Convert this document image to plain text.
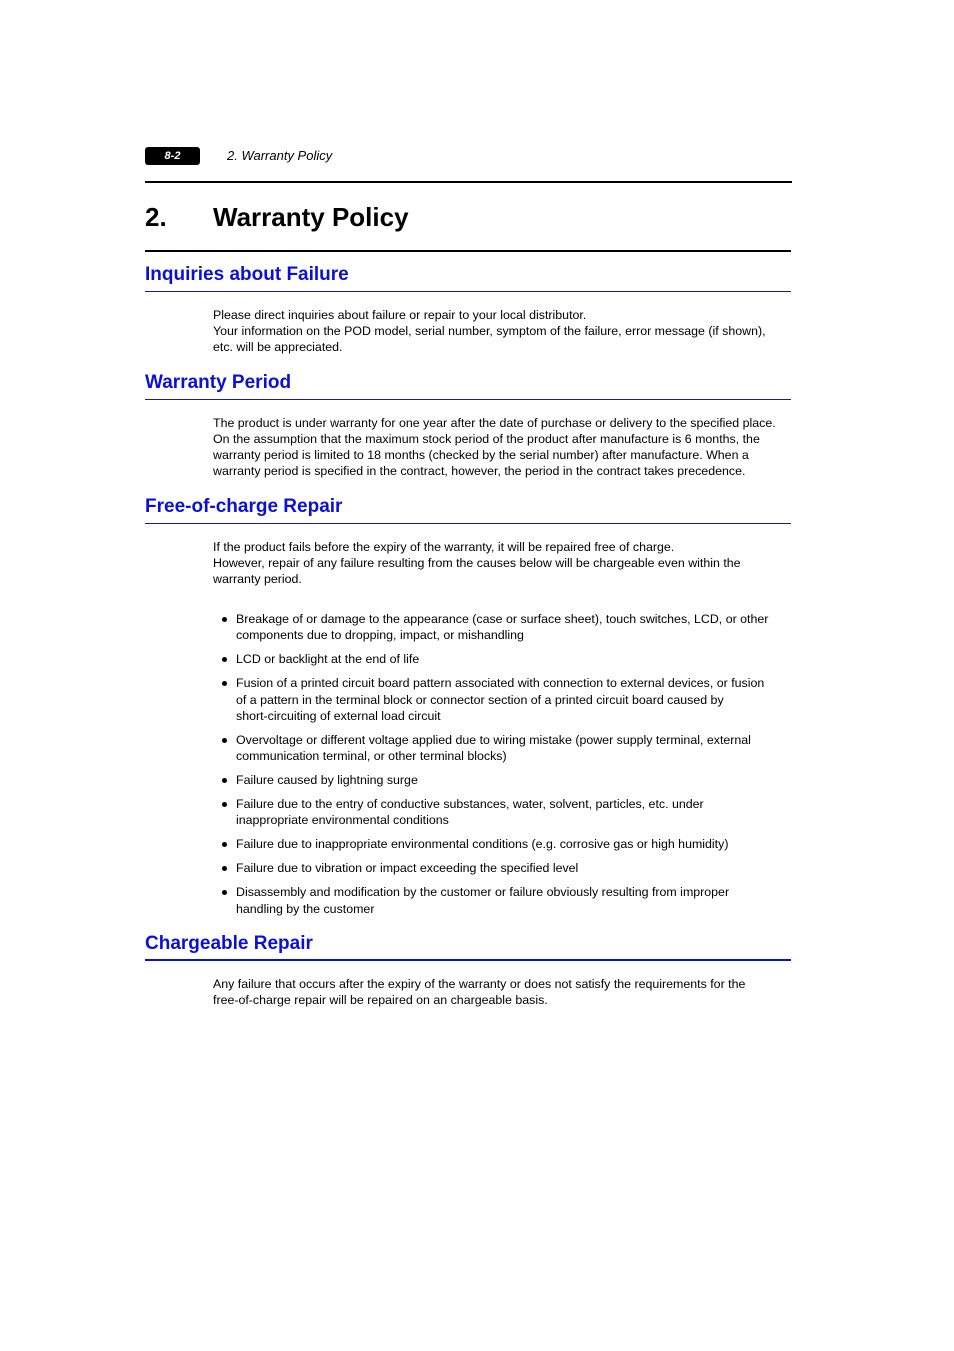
8-2	2. Warranty Policy
2. Warranty Policy
Inquiries about Failure
Please direct inquiries about failure or repair to your local distributor.
Your information on the POD model, serial number, symptom of the failure, error message (if shown),
etc. will be appreciated.
Warranty Period
The product is under warranty for one year after the date of purchase or delivery to the specified place.
On the assumption that the maximum stock period of the product after manufacture is 6 months, the
warranty period is limited to 18 months (checked by the serial number) after manufacture. When a
warranty period is specified in the contract, however, the period in the contract takes precedence.
Free-of-charge Repair
If the product fails before the expiry of the warranty, it will be repaired free of charge.
However, repair of any failure resulting from the causes below will be chargeable even within the
warranty period.
Breakage of or damage to the appearance (case or surface sheet), touch switches, LCD, or other
components due to dropping, impact, or mishandling
LCD or backlight at the end of life
Fusion of a printed circuit board pattern associated with connection to external devices, or fusion
of a pattern in the terminal block or connector section of a printed circuit board caused by
short-circuiting of external load circuit
Overvoltage or different voltage applied due to wiring mistake (power supply terminal, external
communication terminal, or other terminal blocks)
Failure caused by lightning surge
Failure due to the entry of conductive substances, water, solvent, particles, etc. under
inappropriate environmental conditions
Failure due to inappropriate environmental conditions (e.g. corrosive gas or high humidity)
Failure due to vibration or impact exceeding the specified level
Disassembly and modification by the customer or failure obviously resulting from improper
handling by the customer
Chargeable Repair
Any failure that occurs after the expiry of the warranty or does not satisfy the requirements for the
free-of-charge repair will be repaired on an chargeable basis.
